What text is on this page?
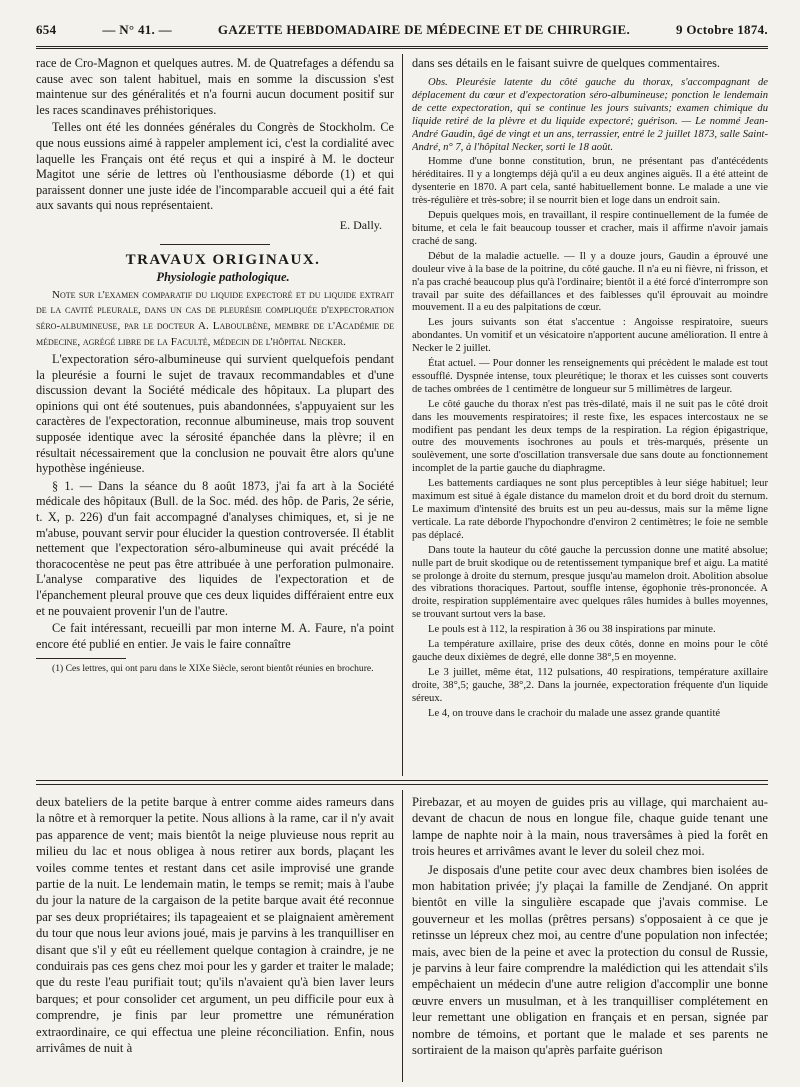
654	— N° 41. —	GAZETTE HEBDOMADAIRE DE MÉDECINE ET DE CHIRURGIE.	9 Octobre 1874.

race de Cro-Magnon et quelques autres. M. de Quatrefages a défendu sa cause avec son talent habituel, mais en somme la discussion s'est maintenue sur des généralités et n'a fourni aucun document positif sur les races scandinaves préhistoriques.

Telles ont été les données générales du Congrès de Stockholm. Ce que nous eussions aimé à rappeler amplement ici, c'est la cordialité avec laquelle les Français ont été reçus et qui a inspiré à M. le docteur Magitot une série de lettres où l'enthousiasme déborde (1) et qui paraissent donner une juste idée de l'incomparable accueil qui a été fait aux savants qui nous représentaient.

E. Dally.

TRAVAUX ORIGINAUX.

Physiologie pathologique.

Note sur l'examen comparatif du liquide expectoré et du liquide extrait de la cavité pleurale, dans un cas de pleurésie compliquée d'expectoration séro-albumineuse, par le docteur A. Laboulbène, membre de l'Académie de médecine, agrégé libre de la Faculté, médecin de l'hôpital Necker.

L'expectoration séro-albumineuse qui survient quelquefois pendant la pleurésie a fourni le sujet de travaux recommandables et d'une discussion devant la Société médicale des hôpitaux. La plupart des opinions qui ont été soutenues, puis abandonnées, s'appuyaient sur les caractères de l'expectoration, reconnue albumineuse, mais trop souvent supposée identique avec la sérosité épanchée dans la plèvre; il en résultait nécessairement que la conclusion ne pouvait être alors qu'une hypothèse ingénieuse.

§ 1. — Dans la séance du 8 août 1873, j'ai fa art à la Société médicale des hôpitaux (Bull. de la Soc. méd. des hôp. de Paris, 2e série, t. X, p. 226) d'un fait accompagné d'analyses chimiques, et, si je ne m'abuse, pouvant servir pour élucider la question controversée. Il établit nettement que l'expectoration séro-albumineuse qui avait précédé la thoracocentèse ne peut pas être attribuée à une perforation pulmonaire. L'analyse comparative des liquides de l'expectoration et de l'épanchement pleural prouve que ces deux liquides différaient entre eux et ne pouvaient provenir l'un de l'autre.

Ce fait intéressant, recueilli par mon interne M. A. Faure, n'a point encore été publié en entier. Je vais le faire connaître

(1) Ces lettres, qui ont paru dans le XIXe Siècle, seront bientôt réunies en brochure.

dans ses détails en le faisant suivre de quelques commentaires.

Obs. Pleurésie latente du côté gauche du thorax, s'accompagnant de déplacement du cœur et d'expectoration séro-albumineuse; ponction le lendemain de cette expectoration, qui se continue les jours suivants; examen chimique du liquide retiré de la plèvre et du liquide expectoré; guérison. — Le nommé Jean-André Gaudin, âgé de vingt et un ans, terrassier, entré le 2 juillet 1873, salle Saint-André, n° 7, à l'hôpital Necker, sorti le 18 août.

Homme d'une bonne constitution, brun, ne présentant pas d'antécédents héréditaires. Il y a longtemps déjà qu'il a eu deux angines aiguës. Il a été atteint de dysenterie en 1870. A part cela, santé habituellement bonne. Le malade a une vie très-régulière et très-sobre; il se nourrit bien et loge dans un endroit sain.

Depuis quelques mois, en travaillant, il respire continuellement de la fumée de bitume, et cela le fait beaucoup tousser et cracher, mais il affirme n'avoir jamais craché de sang.

Début de la maladie actuelle. — Il y a douze jours, Gaudin a éprouvé une douleur vive à la base de la poitrine, du côté gauche. Il n'a eu ni fièvre, ni frisson, et n'a pas craché beaucoup plus qu'à l'ordinaire; bientôt il a été forcé d'interrompre son travail par suite des défaillances et des faiblesses qu'il éprouvait au moindre mouvement. Il a eu des palpitations de cœur.

Les jours suivants son état s'accentue : Angoisse respiratoire, sueurs abondantes. Un vomitif et un vésicatoire n'apportent aucune amélioration. Il entre à Necker le 2 juillet.

État actuel. — Pour donner les renseignements qui précèdent le malade est tout essoufflé. Dyspnée intense, toux pleurétique; le thorax et les cuisses sont couverts de taches ombrées de 1 centimètre de longueur sur 5 millimètres de largeur.

Le côté gauche du thorax n'est pas très-dilaté, mais il ne suit pas le côté droit dans les mouvements respiratoires; il reste fixe, les espaces intercostaux ne se modifient pas pendant les deux temps de la respiration. La région épigastrique, outre des mouvements isochrones au pouls et très-marqués, présente un soulèvement, une sorte d'oscillation transversale due sans doute au fonctionnement incomplet de la partie gauche du diaphragme.

Les battements cardiaques ne sont plus perceptibles à leur siége habituel; leur maximum est situé à égale distance du mamelon droit et du bord droit du sternum. Le maximum d'intensité des bruits est un peu au-dessus, mais sur la même ligne verticale. La rate déborde l'hypochondre d'environ 2 centimètres; le foie ne semble pas déplacé.

Dans toute la hauteur du côté gauche la percussion donne une matité absolue; nulle part de bruit skodique ou de retentissement tympanique bref et aigu. La matité se prolonge à droite du sternum, presque jusqu'au mamelon droit. Abolition absolue des vibrations thoraciques. Partout, souffle intense, égophonie très-prononcée. A droite, respiration supplémentaire avec quelques râles humides à bulles moyennes, se trouvant surtout vers la base.

Le pouls est à 112, la respiration à 36 ou 38 inspirations par minute.

La température axillaire, prise des deux côtés, donne en moins pour le côté gauche deux dixièmes de degré, elle donne 38°,5 en moyenne.

Le 3 juillet, même état, 112 pulsations, 40 respirations, température axillaire droite, 38°,5; gauche, 38°,2. Dans la journée, expectoration fréquente d'un liquide séreux.

Le 4, on trouve dans le crachoir du malade une assez grande quantité

deux bateliers de la petite barque à entrer comme aides rameurs dans la nôtre et à remorquer la petite. Nous allions à la rame, car il n'y avait pas apparence de vent; mais bientôt la neige pluvieuse nous reprit au milieu du lac et nous obligea à nous retirer aux bords, plaçant les voiles comme tentes et restant dans cet asile improvisé une grande partie de la nuit. Le lendemain matin, le temps se remit; mais à l'aube du jour la nature de la cargaison de la petite barque avait été reconnue par ses deux propriétaires; ils tapageaient et se plaignaient amèrement du tour que nous leur avions joué, mais je parvins à les tranquilliser en disant que s'il y eût eu réellement quelque contagion à craindre, je ne conduirais pas ces gens chez moi pour les y garder et traiter le malade; que du reste l'eau purifiait tout; qu'ils n'avaient qu'à bien laver leurs barques; et pour consolider cet argument, un peu difficile pour eux à comprendre, je finis par leur promettre une rémunération extraordinaire, ce qui effectua une pleine réconciliation. Enfin, nous arrivâmes de nuit à

Pirebazar, et au moyen de guides pris au village, qui marchaient au-devant de chacun de nous en longue file, chaque guide tenant une lampe de naphte noir à la main, nous traversâmes à pied la forêt en trois heures et arrivâmes avant le lever du soleil chez moi.

Je disposais d'une petite cour avec deux chambres bien isolées de mon habitation privée; j'y plaçai la famille de Zendjané. On apprit bientôt en ville la singulière escapade que j'avais commise. Le gouverneur et les mollas (prêtres persans) s'opposaient à ce que je retinsse un lépreux chez moi, au centre d'une population non infectée; mais, avec bien de la peine et avec la protection du consul de Russie, je parvins à leur faire comprendre la malédiction qui les attendait s'ils empêchaient un médecin d'une autre religion d'accomplir une bonne œuvre envers un musulman, et à les tranquilliser complétement en leur remettant une obligation en français et en persan, signée par nombre de témoins, et portant que le malade et ses parents ne sortiraient de la maison qu'après parfaite guérison
